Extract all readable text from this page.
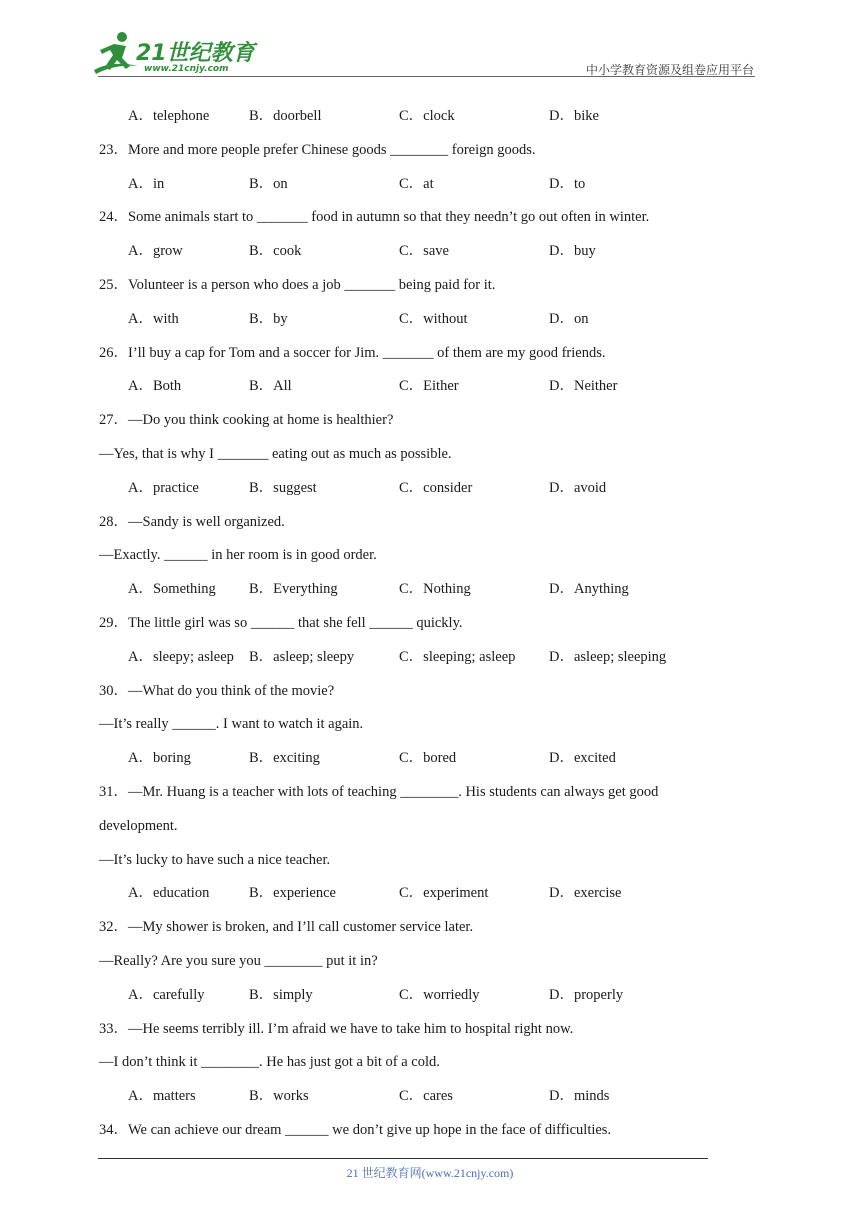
21世纪教育
www.21cnjy.com	中小学教育资源及组卷应用平台
A．telephone	B．doorbell	C．clock	D．bike
23．More and more people prefer Chinese goods ________ foreign goods.
A．in	B．on	C．at	D．to
24．Some animals start to _______ food in autumn so that they needn’t go out often in winter.
A．grow	B．cook	C．save	D．buy
25．Volunteer is a person who does a job _______ being paid for it.
A．with	B．by	C．without	D．on
26．I’ll buy a cap for Tom and a soccer for Jim. _______ of them are my good friends.
A．Both	B．All	C．Either	D．Neither
27．—Do you think cooking at home is healthier?
—Yes, that is why I _______ eating out as much as possible.
A．practice	B．suggest	C．consider	D．avoid
28．—Sandy is well organized.
—Exactly. ______ in her room is in good order.
A．Something B．Everything	C．Nothing	D．Anything
29．The little girl was so ______ that she fell ______ quickly.
A．sleepy; asleep B．asleep; sleepy	C．sleeping; asleep D．asleep; sleeping
30．—What do you think of the movie?
—It’s really ______. I want to watch it again.
A．boring	B．exciting	C．bored	D．excited
31．—Mr. Huang is a teacher with lots of teaching ________. His students can always get good
development.
—It’s lucky to have such a nice teacher.
A．education	B．experience	C．experiment	D．exercise
32．—My shower is broken, and I’ll call customer service later.
—Really? Are you sure you ________ put it in?
A．carefully	B．simply	C．worriedly	D．properly
33．—He seems terribly ill. I’m afraid we have to take him to hospital right now.
—I don’t think it ________. He has just got a bit of a cold.
A．matters	B．works	C．cares	D．minds
34．We can achieve our dream ______ we don’t give up hope in the face of difficulties.
21 世纪教育网(www.21cnjy.com)
